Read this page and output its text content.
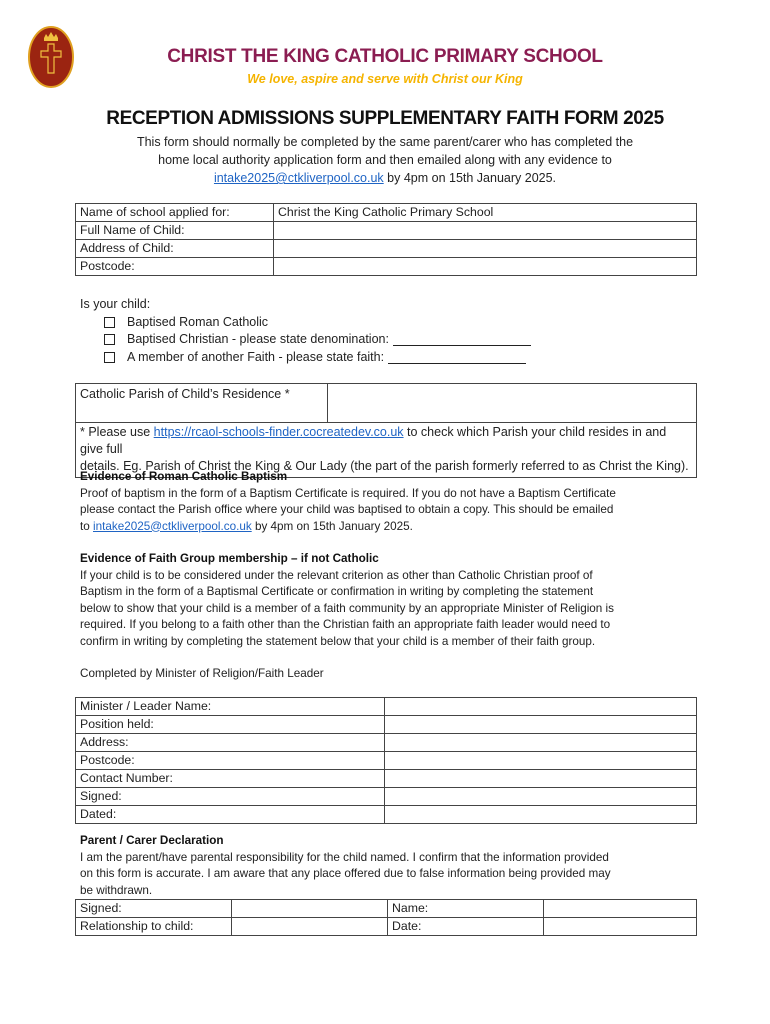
CHRIST THE KING CATHOLIC PRIMARY SCHOOL
We love, aspire and serve with Christ our King
RECEPTION ADMISSIONS SUPPLEMENTARY FAITH FORM 2025
This form should normally be completed by the same parent/carer who has completed the
home local authority application form and then emailed along with any evidence to
intake2025@ctkliverpool.co.uk by 4pm on 15th January 2025.
Name of school applied for:	Christ the King Catholic Primary School
Full Name of Child:	
Address of Child:	
Postcode:	
Is your child:
Baptised Roman Catholic
Baptised Christian - please state denomination:
A member of another Faith - please state faith:
Catholic Parish of Child’s Residence *	
* Please use https://rcaol-schools-finder.cocreatedev.co.uk to check which Parish your child resides in and give full
details. Eg. Parish of Christ the King & Our Lady (the part of the parish formerly referred to as Christ the King).
Evidence of Roman Catholic Baptism
Proof of baptism in the form of a Baptism Certificate is required. If you do not have a Baptism Certificate
please contact the Parish office where your child was baptised to obtain a copy. This should be emailed
to intake2025@ctkliverpool.co.uk by 4pm on 15th January 2025.
Evidence of Faith Group membership – if not Catholic
If your child is to be considered under the relevant criterion as other than Catholic Christian proof of
Baptism in the form of a Baptismal Certificate or confirmation in writing by completing the statement
below to show that your child is a member of a faith community by an appropriate Minister of Religion is
required. If you belong to a faith other than the Christian faith an appropriate faith leader would need to
confirm in writing by completing the statement below that your child is a member of their faith group.
Completed by Minister of Religion/Faith Leader
Minister / Leader Name:	
Position held:	
Address:	
Postcode:	
Contact Number:	
Signed:	
Dated:	
Parent / Carer Declaration
I am the parent/have parental responsibility for the child named. I confirm that the information provided
on this form is accurate. I am aware that any place offered due to false information being provided may
be withdrawn.
Signed:		Name:	
Relationship to child:		Date:	
